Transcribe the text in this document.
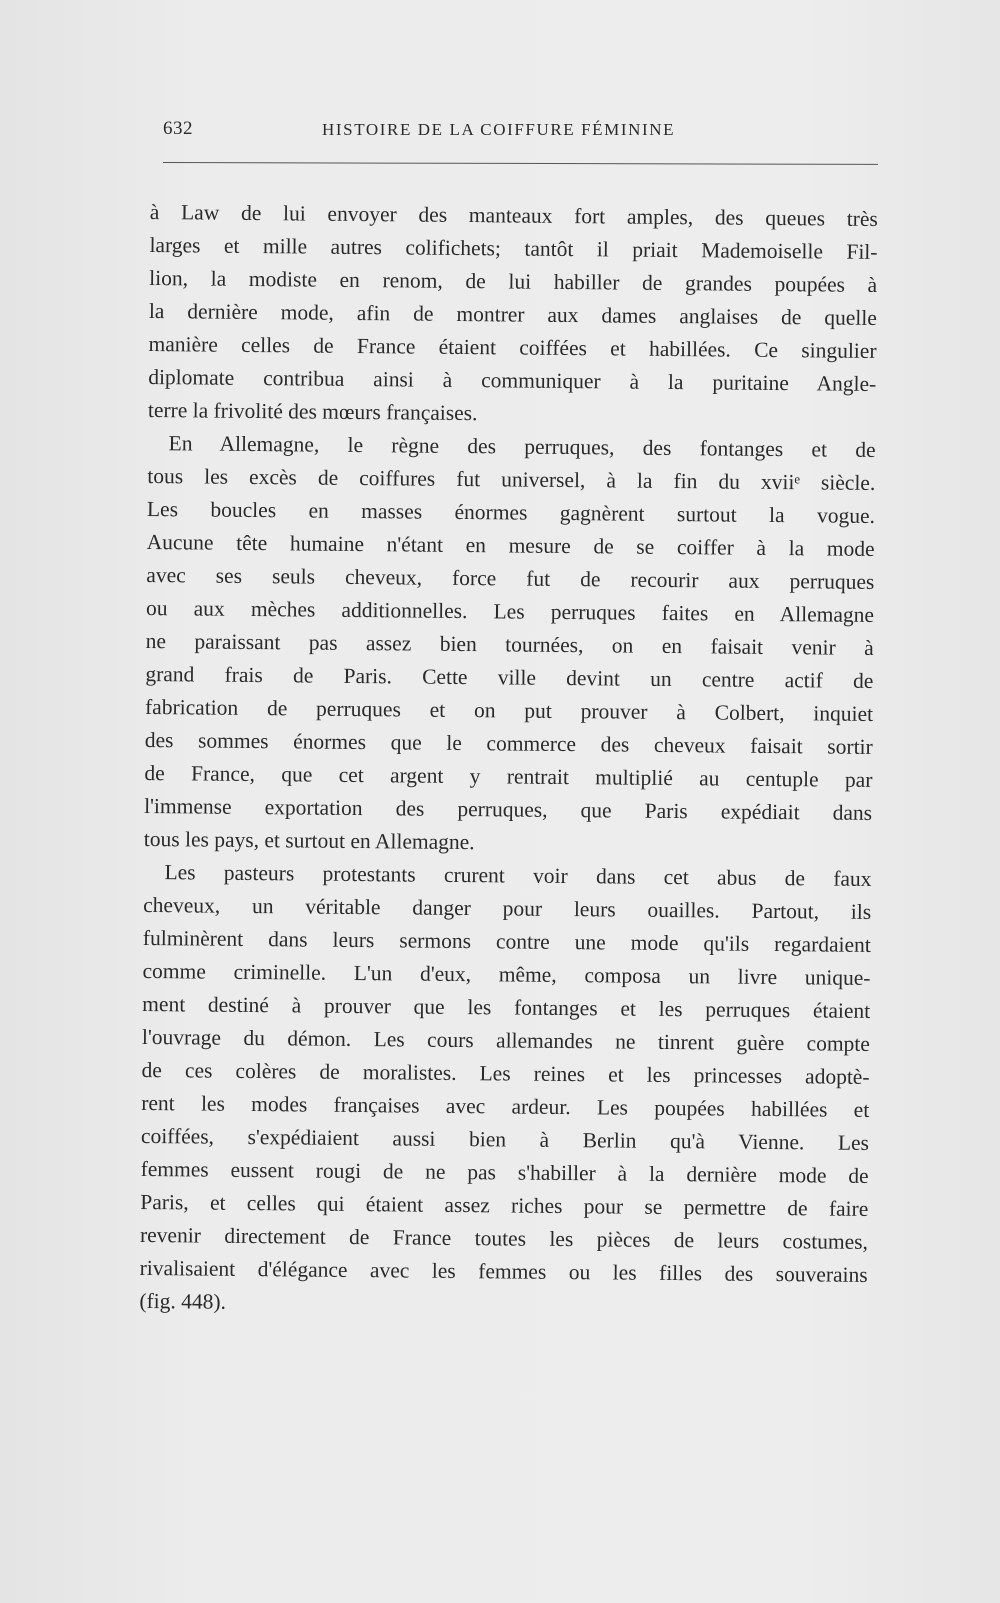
632	HISTOIRE DE LA COIFFURE FÉMININE
à Law de lui envoyer des manteaux fort amples, des queues très
larges et mille autres colifichets; tantôt il priait Mademoiselle Fil-
lion, la modiste en renom, de lui habiller de grandes poupées à
la dernière mode, afin de montrer aux dames anglaises de quelle
manière celles de France étaient coiffées et habillées. Ce singulier
diplomate contribua ainsi à communiquer à la puritaine Angle-
terre la frivolité des mœurs françaises.
En Allemagne, le règne des perruques, des fontanges et de
tous les excès de coiffures fut universel, à la fin du xviiᵉ siècle.
Les boucles en masses énormes gagnèrent surtout la vogue.
Aucune tête humaine n'étant en mesure de se coiffer à la mode
avec ses seuls cheveux, force fut de recourir aux perruques
ou aux mèches additionnelles. Les perruques faites en Allemagne
ne paraissant pas assez bien tournées, on en faisait venir à
grand frais de Paris. Cette ville devint un centre actif de
fabrication de perruques et on put prouver à Colbert, inquiet
des sommes énormes que le commerce des cheveux faisait sortir
de France, que cet argent y rentrait multiplié au centuple par
l'immense exportation des perruques, que Paris expédiait dans
tous les pays, et surtout en Allemagne.
Les pasteurs protestants crurent voir dans cet abus de faux
cheveux, un véritable danger pour leurs ouailles. Partout, ils
fulminèrent dans leurs sermons contre une mode qu'ils regardaient
comme criminelle. L'un d'eux, même, composa un livre unique-
ment destiné à prouver que les fontanges et les perruques étaient
l'ouvrage du démon. Les cours allemandes ne tinrent guère compte
de ces colères de moralistes. Les reines et les princesses adoptè-
rent les modes françaises avec ardeur. Les poupées habillées et
coiffées, s'expédiaient aussi bien à Berlin qu'à Vienne. Les
femmes eussent rougi de ne pas s'habiller à la dernière mode de
Paris, et celles qui étaient assez riches pour se permettre de faire
revenir directement de France toutes les pièces de leurs costumes,
rivalisaient d'élégance avec les femmes ou les filles des souverains
(fig. 448).
